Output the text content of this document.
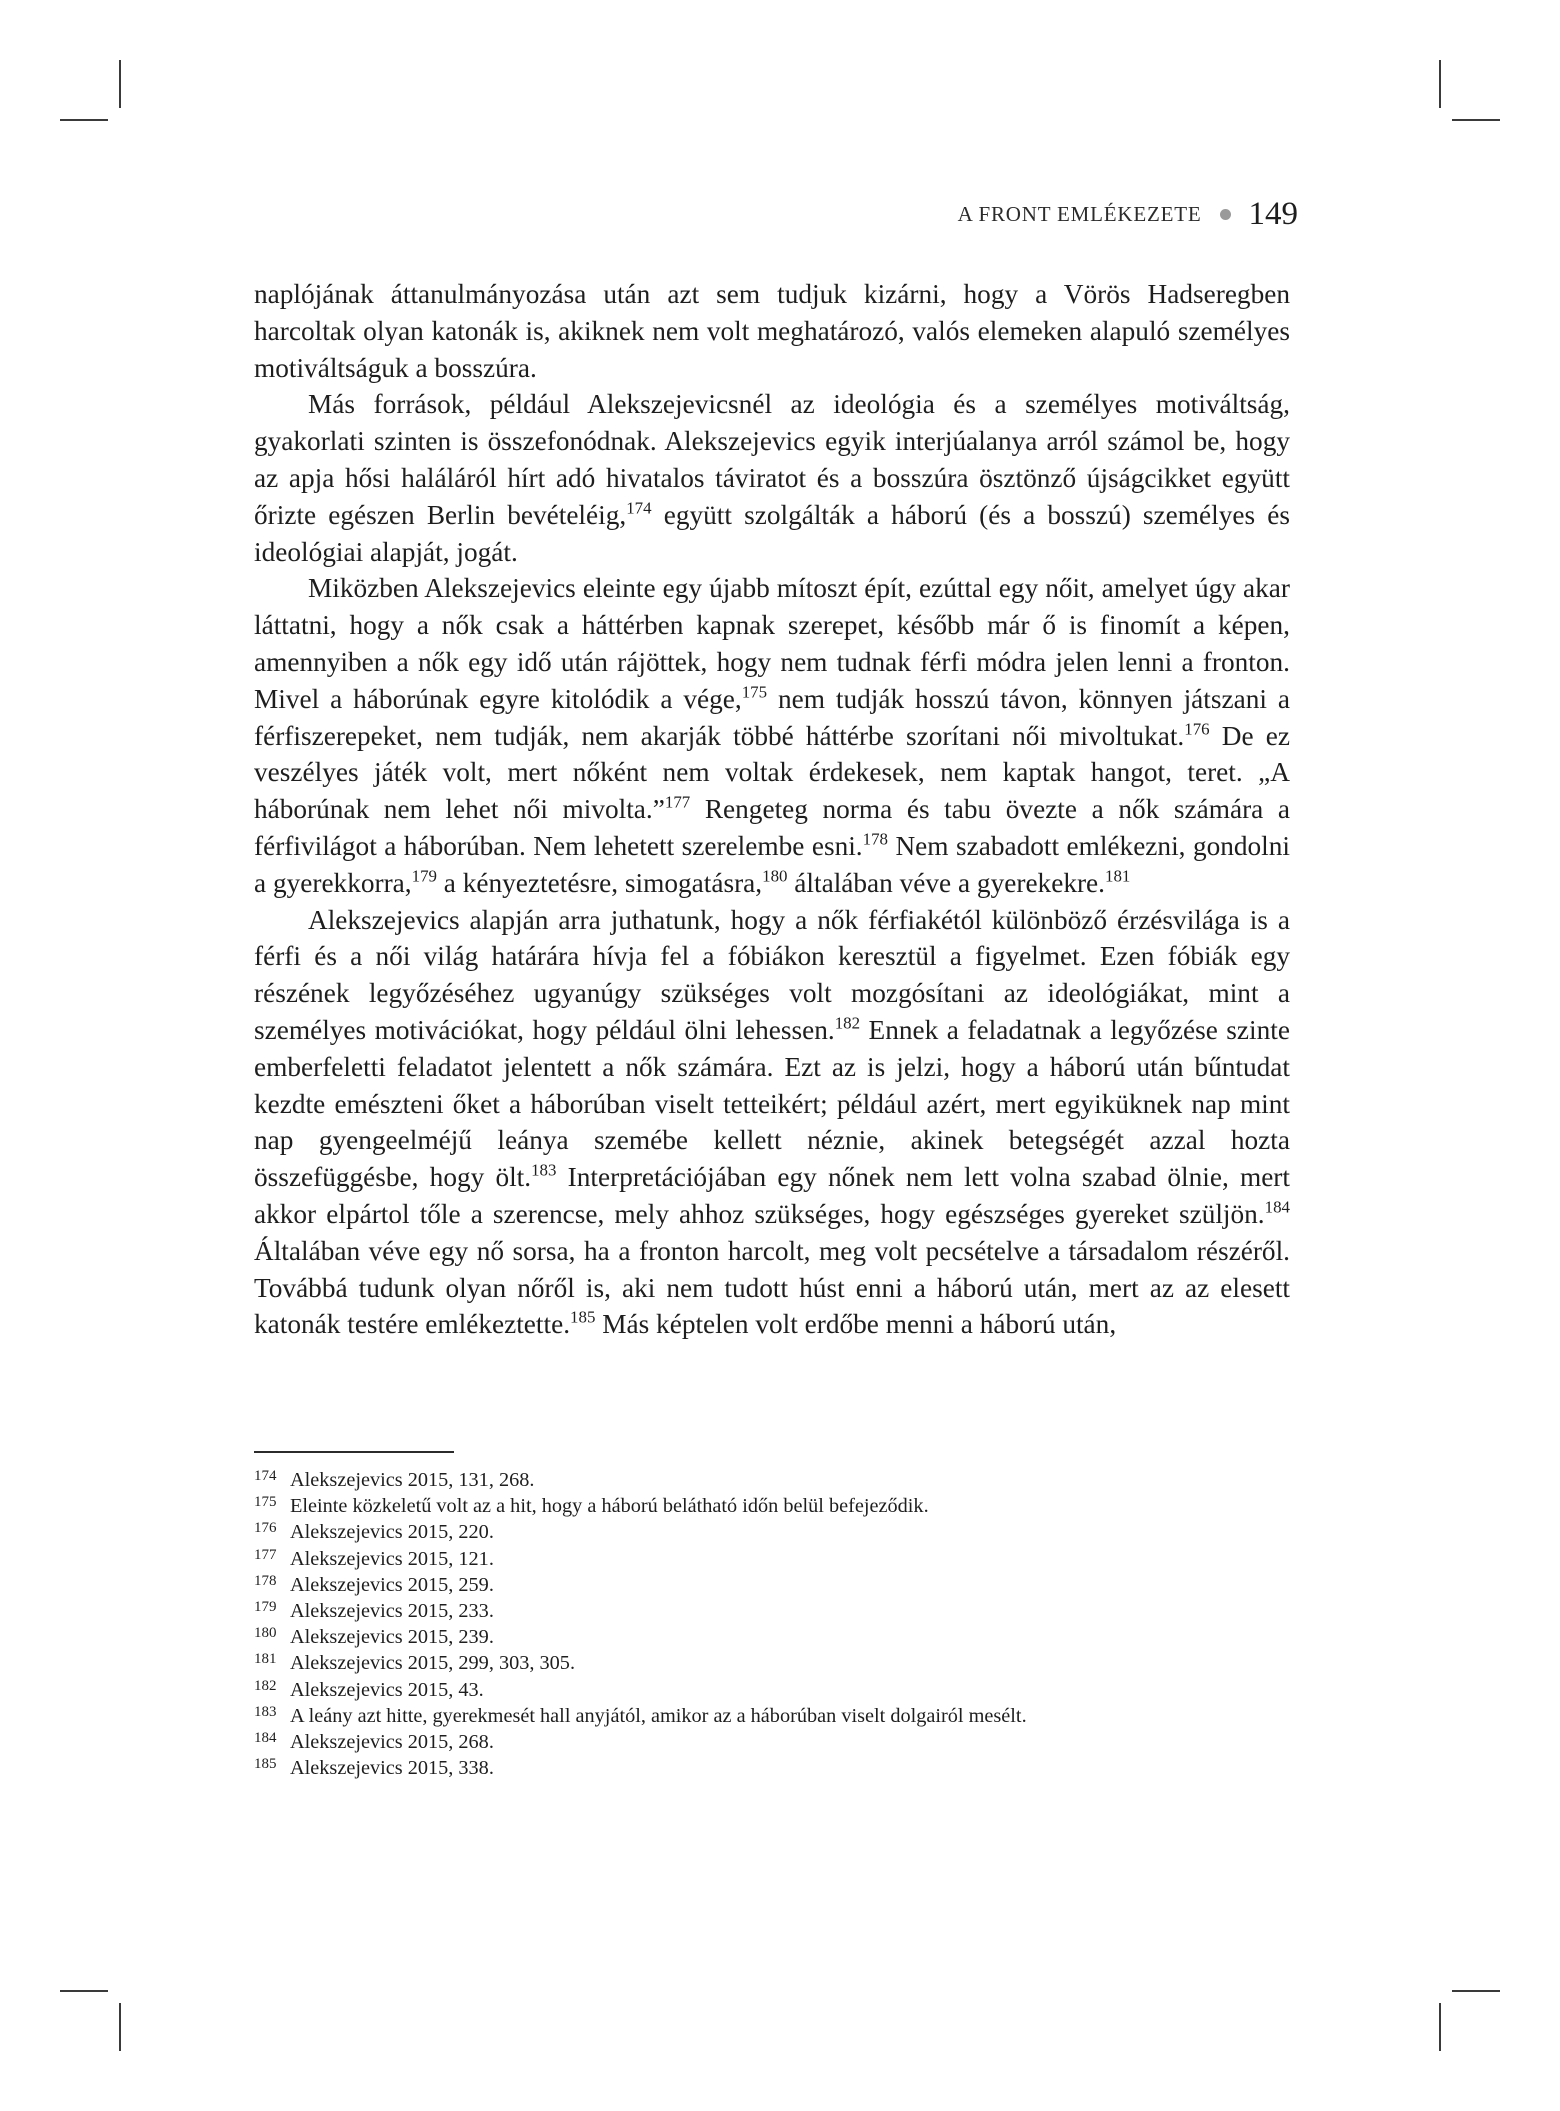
A FRONT EMLÉKEZETE 149

naplójának áttanulmányozása után azt sem tudjuk kizárni, hogy a Vörös Hadseregben harcoltak olyan katonák is, akiknek nem volt meghatározó, valós elemeken alapuló személyes motiváltságuk a bosszúra.

Más források, például Alekszejevicsnél az ideológia és a személyes motiváltság, gyakorlati szinten is összefonódnak. Alekszejevics egyik interjúalanya arról számol be, hogy az apja hősi haláláról hírt adó hivatalos táviratot és a bosszúra ösztönző újságcikket együtt őrizte egészen Berlin bevételéig,$^{174}$ együtt szolgálták a háború (és a bosszú) személyes és ideológiai alapját, jogát.

Miközben Alekszejevics eleinte egy újabb mítoszt épít, ezúttal egy nőit, amelyet úgy akar láttatni, hogy a nők csak a háttérben kapnak szerepet, később már ő is finomít a képen, amennyiben a nők egy idő után rájöttek, hogy nem tudnak férfi módra jelen lenni a fronton. Mivel a háborúnak egyre kitolódik a vége,$^{175}$ nem tudják hosszú távon, könnyen játszani a férfiszerepeket, nem tudják, nem akarják többé háttérbe szorítani női mivoltukat.$^{176}$ De ez veszélyes játék volt, mert nőként nem voltak érdekesek, nem kaptak hangot, teret. „A háborúnak nem lehet női mivolta.”$^{177}$ Rengeteg norma és tabu övezte a nők számára a férfivilágot a háborúban. Nem lehetett szerelembe esni.$^{178}$ Nem szabadott emlékezni, gondolni a gyerekkorra,$^{179}$ a kényeztetésre, simogatásra,$^{180}$ általában véve a gyerekekre.$^{181}$

Alekszejevics alapján arra juthatunk, hogy a nők férfiakétól különböző érzésvilága is a férfi és a női világ határára hívja fel a fóbiákon keresztül a figyelmet. Ezen fóbiák egy részének legyőzéséhez ugyanúgy szükséges volt mozgósítani az ideológiákat, mint a személyes motivációkat, hogy például ölni lehessen.$^{182}$ Ennek a feladatnak a legyőzése szinte emberfeletti feladatot jelentett a nők számára. Ezt az is jelzi, hogy a háború után bűntudat kezdte emészteni őket a háborúban viselt tetteikért; például azért, mert egyiküknek nap mint nap gyengeelméjű leánya szemébe kellett néznie, akinek betegségét azzal hozta összefüggésbe, hogy ölt.$^{183}$ Interpretációjában egy nőnek nem lett volna szabad ölnie, mert akkor elpártol tőle a szerencse, mely ahhoz szükséges, hogy egészséges gyereket szüljön.$^{184}$ Általában véve egy nő sorsa, ha a fronton harcolt, meg volt pecsételve a társadalom részéről. Továbbá tudunk olyan nőről is, aki nem tudott húst enni a háború után, mert az az elesett katonák testére emlékeztette.$^{185}$ Más képtelen volt erdőbe menni a háború után,

174 Alekszejevics 2015, 131, 268.
175 Eleinte közkeletű volt az a hit, hogy a háború belátható időn belül befejeződik.
176 Alekszejevics 2015, 220.
177 Alekszejevics 2015, 121.
178 Alekszejevics 2015, 259.
179 Alekszejevics 2015, 233.
180 Alekszejevics 2015, 239.
181 Alekszejevics 2015, 299, 303, 305.
182 Alekszejevics 2015, 43.
183 A leány azt hitte, gyerekmesét hall anyjától, amikor az a háborúban viselt dolgairól mesélt.
184 Alekszejevics 2015, 268.
185 Alekszejevics 2015, 338.
